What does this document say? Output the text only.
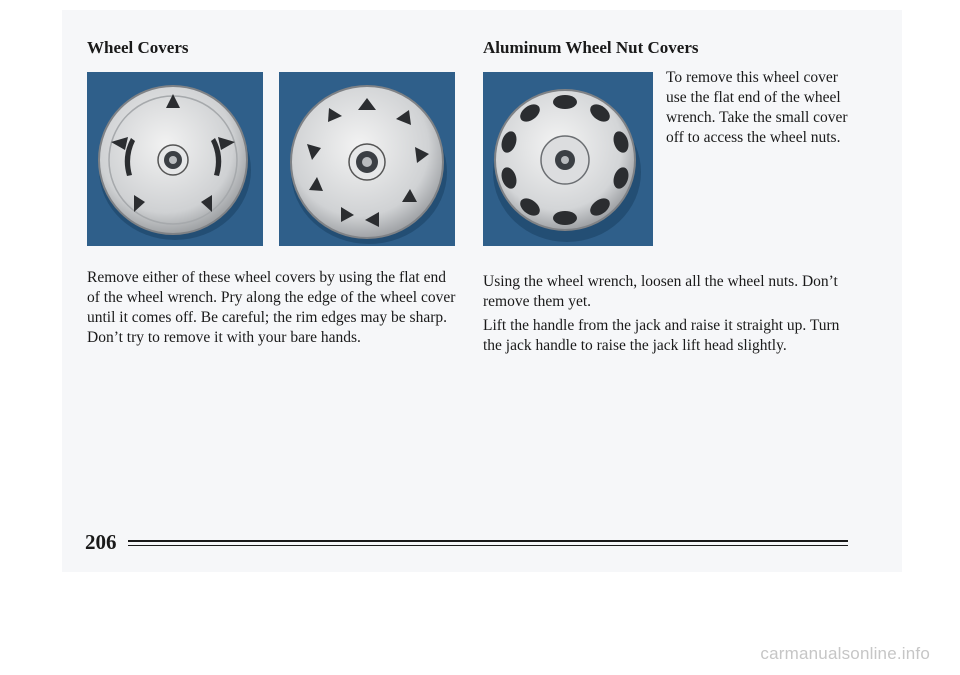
Wheel Covers	Aluminum Wheel Nut Covers

To remove this wheel cover use the flat end of the wheel wrench. Take the small cover off to access the wheel nuts.

Remove either of these wheel covers by using the flat end of the wheel wrench. Pry along the edge of the wheel cover until it comes off. Be careful; the rim edges may be sharp. Don’t try to remove it with your bare hands.

Using the wheel wrench, loosen all the wheel nuts. Don’t remove them yet.

Lift the handle from the jack and raise it straight up. Turn the jack handle to raise the jack lift head slightly.

206
carmanualsonline.info
